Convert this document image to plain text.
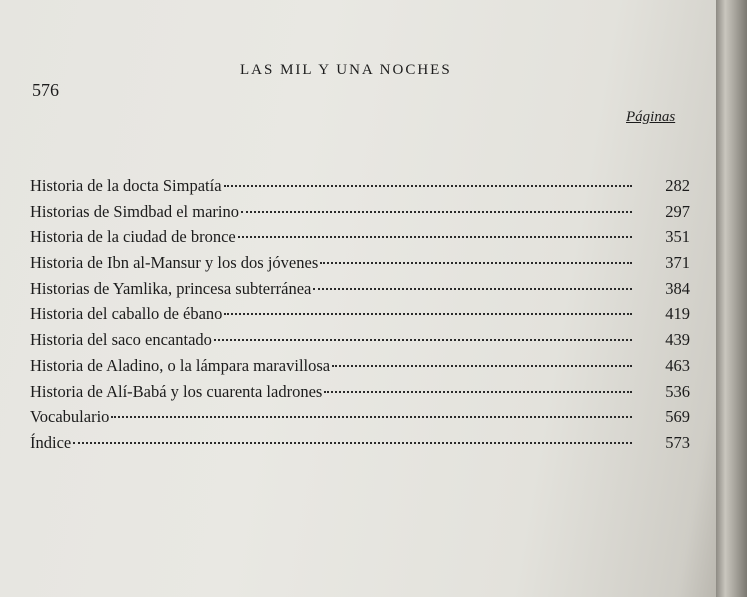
576
LAS MIL Y UNA NOCHES
Páginas
Historia de la docta Simpatía	282
Historias de Simdbad el marino	297
Historia de la ciudad de bronce	351
Historia de Ibn al-Mansur y los dos jóvenes	371
Historias de Yamlika, princesa subterránea	384
Historia del caballo de ébano	419
Historia del saco encantado	439
Historia de Aladino, o la lámpara maravillosa	463
Historia de Alí-Babá y los cuarenta ladrones	536
Vocabulario	569
Índice	573
